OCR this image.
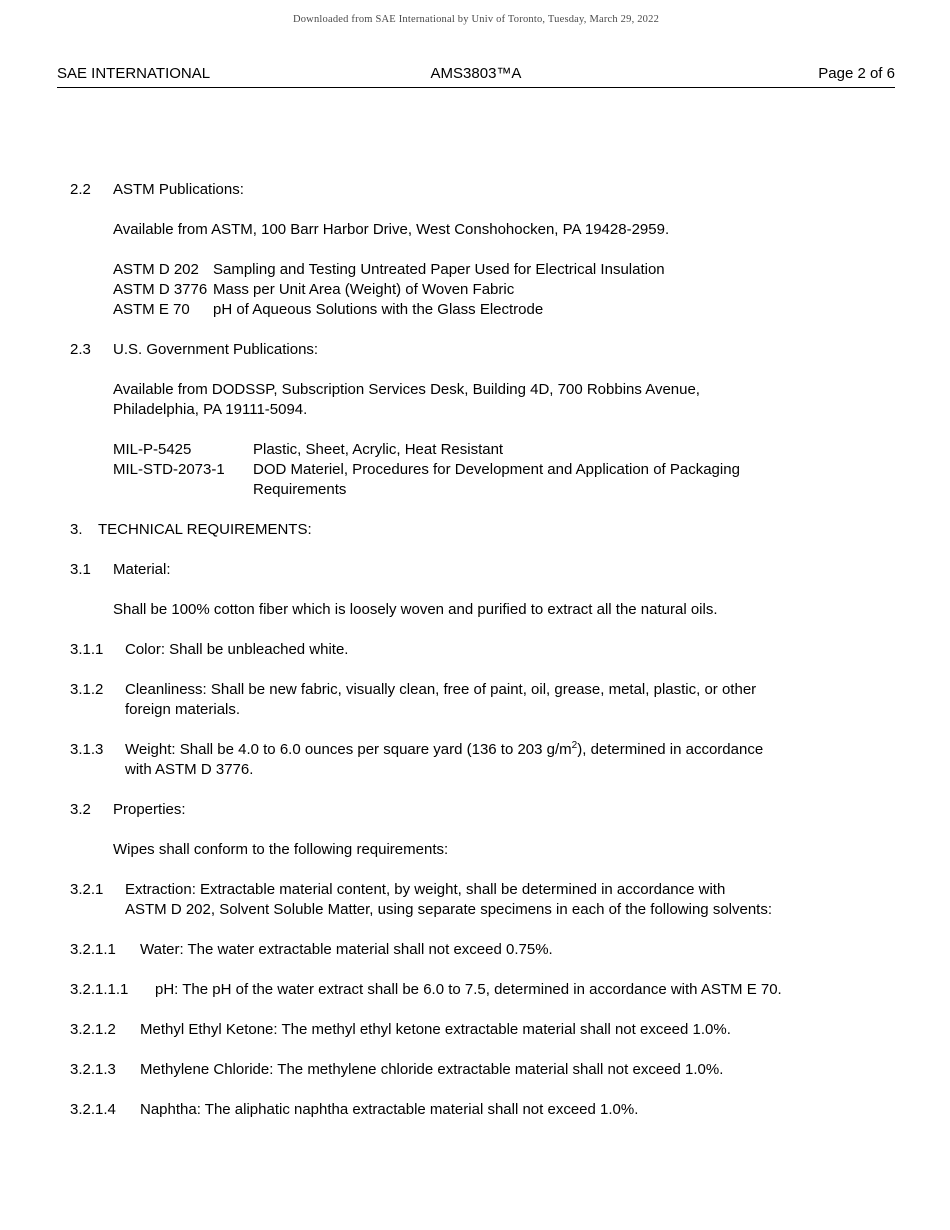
Downloaded from SAE International by Univ of Toronto, Tuesday, March 29, 2022
SAE INTERNATIONAL	AMS3803™A	Page 2 of 6
2.2	ASTM Publications:

Available from ASTM, 100 Barr Harbor Drive, West Conshohocken, PA 19428-2959.

ASTM D 202 Sampling and Testing Untreated Paper Used for Electrical Insulation
ASTM D 3776 Mass per Unit Area (Weight) of Woven Fabric
ASTM E 70	pH of Aqueous Solutions with the Glass Electrode
2.3	U.S. Government Publications:

Available from DODSSP, Subscription Services Desk, Building 4D, 700 Robbins Avenue,
Philadelphia, PA 19111-5094.

MIL-P-5425	Plastic, Sheet, Acrylic, Heat Resistant
MIL-STD-2073-1	DOD Materiel, Procedures for Development and Application of Packaging
Requirements
3.	TECHNICAL REQUIREMENTS:
3.1	Material:

Shall be 100% cotton fiber which is loosely woven and purified to extract all the natural oils.

3.1.1	Color: Shall be unbleached white.
3.1.2	Cleanliness: Shall be new fabric, visually clean, free of paint, oil, grease, metal, plastic, or other
foreign materials.
3.1.3	Weight: Shall be 4.0 to 6.0 ounces per square yard (136 to 203 $g/m^2$), determined in accordance
with ASTM D 3776.
3.2	Properties:

Wipes shall conform to the following requirements:

3.2.1	Extraction: Extractable material content, by weight, shall be determined in accordance with
ASTM D 202, Solvent Soluble Matter, using separate specimens in each of the following solvents:
3.2.1.1	Water: The water extractable material shall not exceed 0.75%.
3.2.1.1.1	pH: The pH of the water extract shall be 6.0 to 7.5, determined in accordance with ASTM E 70.
3.2.1.2	Methyl Ethyl Ketone: The methyl ethyl ketone extractable material shall not exceed 1.0%.
3.2.1.3	Methylene Chloride: The methylene chloride extractable material shall not exceed 1.0%.
3.2.1.4	Naphtha: The aliphatic naphtha extractable material shall not exceed 1.0%.
